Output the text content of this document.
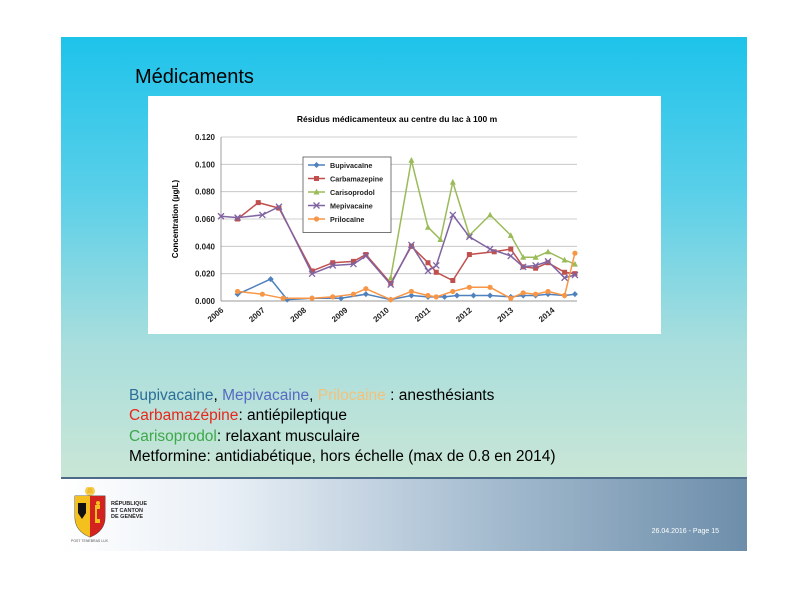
Médicaments
Résidus médicamenteux au centre du lac à 100 m
0.000
0.020
0.040
0.060
0.080
0.100
0.120
Concentration (µg/L)
2006	2007	2008	2009	2010	2011	2012	2013	2014
Bupivacaïne
Carbamazepine
Carisoprodol
Mepivacaine
Prilocaïne
Bupivacaine, Mepivacaine, Prilocaine : anesthésiants
Carbamazépine: antiépileptique
Carisoprodol: relaxant musculaire
Metformine: antidiabétique, hors échelle (max de 0.8 en 2014)
RÉPUBLIQUE
ET CANTON
DE GENÈVE
POST TENEBRAS LUX
26.04.2016 - Page 15
